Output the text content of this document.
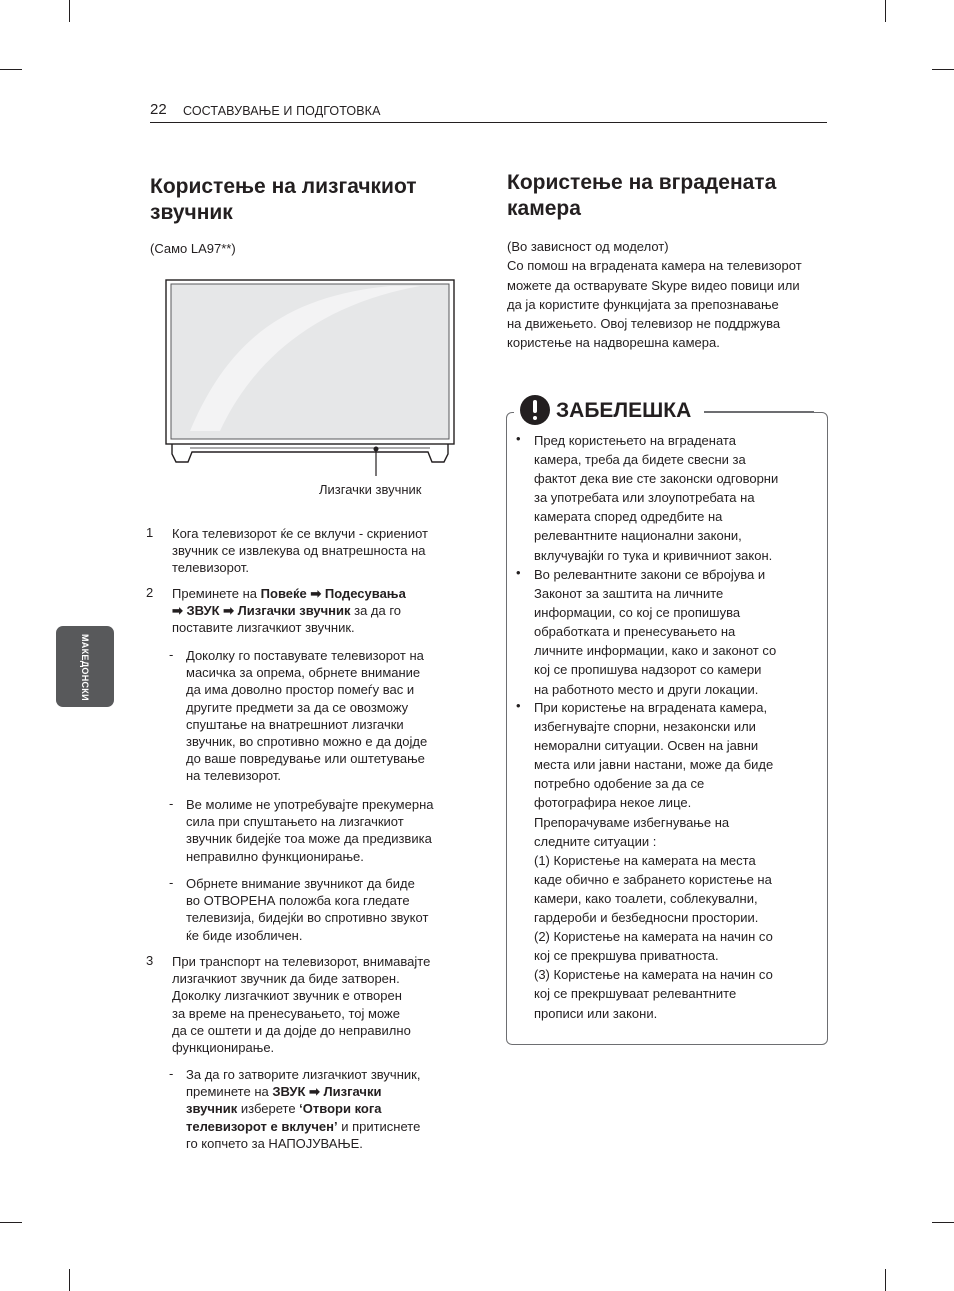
22 СОСТАВУВАЊЕ И ПОДГОТОВКА
МАКЕДОНСКИ
Користење на лизгачкиот
звучник
(Само LA97**)
Лизгачки звучник
1 Кога телевизорот ќе се вклучи - скриениот
звучник се извлекува од внатрешноста на
телевизорот.
2 Преминете на Повеќе ➡ Подесувања
➡ ЗВУК ➡ Лизгачки звучник за да го
поставите лизгачкиот звучник.
- Доколку го поставувате телевизорот на
масичка за опрема, обрнете внимание
да има доволно простор помеѓу вас и
другите предмети за да се овозможу
спуштање на внатрешниот лизгачки
звучник, во спротивно можно е да дојде
до ваше повредување или оштетување
на телевизорот.
- Ве молиме не употребувајте прекумерна
сила при спуштањето на лизгачкиот
звучник бидејќе тоа може да предизвика
неправилно функционирање.
- Обрнете внимание звучникот да биде
во ОТВОРЕНА положба кога гледате
телевизија, бидејќи во спротивно звукот
ќе биде изобличен.
3 При транспорт на телевизорот, внимавајте
лизгачкиот звучник да биде затворен.
Доколку лизгачкиот звучник е отворен
за време на пренесувањето, тој може
да се оштети и да дојде до неправилно
функционирање.
- За да го затворите лизгачкиот звучник,
преминете на ЗВУК ➡ Лизгачки
звучник изберете ‘Отвори кога
телевизорот е вклучен’ и притиснете
го копчето за НАПОЈУВАЊЕ.
Користење на вградената
камера
(Во зависност од моделот)
Со помош на вградената камера на телевизорот
можете да остварувате Skype видео повици или
да ја користите функцијата за препознавање
на движењето. Овој телевизор не поддржува
користење на надворешна камера.
ЗАБЕЛЕШКА
• Пред користењето на вградената
камера, треба да бидете свесни за
фактот дека вие сте законски одговорни
за употребата или злоупотребата на
камерата според одредбите на
релевантните национални закони,
вклучувајќи го тука и кривичниот закон.
• Во релевантните закони се вбројува и
Законот за заштита на личните
информации, со кој се пропишува
обработката и пренесувањето на
личните информации, како и законот со
кој се пропишува надзорот со камери
на работното место и други локации.
• При користење на вградената камера,
избегнувајте спорни, незаконски или
неморални ситуации. Освен на јавни
места или јавни настани, може да биде
потребно одобение за да се
фотографира некое лице.
Препорачуваме избегнување на
следните ситуации :
(1) Користење на камерата на места
каде обично е забрането користење на
камери, како тоалети, соблекувални,
гардероби и безбедносни простории.
(2) Користење на камерата на начин со
кој се прекршува приватноста.
(3) Користење на камерата на начин со
кој се прекршуваат релевантните
прописи или закони.
